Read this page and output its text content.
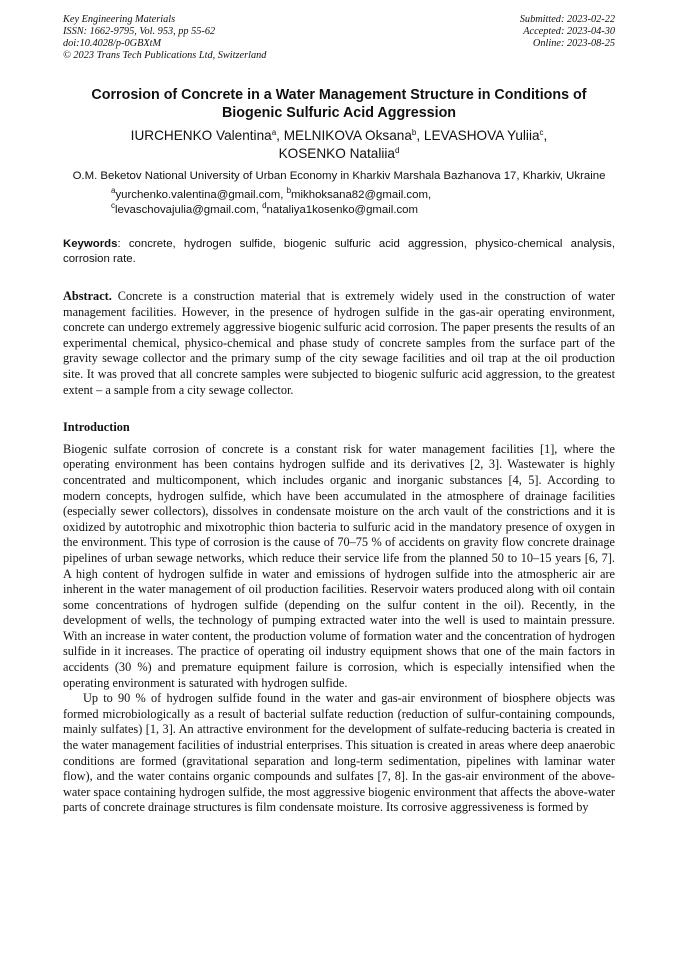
Key Engineering Materials
ISSN: 1662-9795, Vol. 953, pp 55-62
doi:10.4028/p-0GBXtM
© 2023 Trans Tech Publications Ltd, Switzerland
Submitted: 2023-02-22
Accepted: 2023-04-30
Online: 2023-08-25
Corrosion of Concrete in a Water Management Structure in Conditions of Biogenic Sulfuric Acid Aggression
IURCHENKO Valentina$^a$, MELNIKOVA Oksana$^b$, LEVASHOVA Yuliia$^c$,
KOSENKO Nataliia$^d$
O.M. Beketov National University of Urban Economy in Kharkiv Marshala Bazhanova 17, Kharkiv, Ukraine
$^a$yurchenko.valentina@gmail.com, $^b$mikhoksana82@gmail.com,
$^c$levaschovajulia@gmail.com, $^d$nataliya1kosenko@gmail.com
Keywords: concrete, hydrogen sulfide, biogenic sulfuric acid aggression, physico-chemical analysis, corrosion rate.
Abstract. Concrete is a construction material that is extremely widely used in the construction of water management facilities. However, in the presence of hydrogen sulfide in the gas-air operating environment, concrete can undergo extremely aggressive biogenic sulfuric acid corrosion. The paper presents the results of an experimental chemical, physico-chemical and phase study of concrete samples from the surface part of the gravity sewage collector and the primary sump of the city sewage facilities and oil trap at the oil production site. It was proved that all concrete samples were subjected to biogenic sulfuric acid aggression, to the greatest extent – a sample from a city sewage collector.
Introduction
Biogenic sulfate corrosion of concrete is a constant risk for water management facilities [1], where the operating environment has been contains hydrogen sulfide and its derivatives [2, 3]. Wastewater is highly concentrated and multicomponent, which includes organic and inorganic substances [4, 5]. According to modern concepts, hydrogen sulfide, which have been accumulated in the atmosphere of drainage facilities (especially sewer collectors), dissolves in condensate moisture on the arch vault of the constrictions and it is oxidized by autotrophic and mixotrophic thion bacteria to sulfuric acid in the mandatory presence of oxygen in the environment. This type of corrosion is the cause of 70–75 % of accidents on gravity flow concrete drainage pipelines of urban sewage networks, which reduce their service life from the planned 50 to 10–15 years [6, 7]. A high content of hydrogen sulfide in water and emissions of hydrogen sulfide into the atmospheric air are inherent in the water management of oil production facilities. Reservoir waters produced along with oil contain some concentrations of hydrogen sulfide (depending on the sulfur content in the oil). Recently, in the development of wells, the technology of pumping extracted water into the well is used to maintain pressure. With an increase in water content, the production volume of formation water and the concentration of hydrogen sulfide in it increases. The practice of operating oil industry equipment shows that one of the main factors in accidents (30 %) and premature equipment failure is corrosion, which is especially intensified when the operating environment is saturated with hydrogen sulfide.
Up to 90 % of hydrogen sulfide found in the water and gas-air environment of biosphere objects was formed microbiologically as a result of bacterial sulfate reduction (reduction of sulfur-containing compounds, mainly sulfates) [1, 3]. An attractive environment for the development of sulfate-reducing bacteria is created in the water management facilities of industrial enterprises. This situation is created in areas where deep anaerobic conditions are formed (gravitational separation and long-term sedimentation, pipelines with laminar water flow), and the water contains organic compounds and sulfates [7, 8]. In the gas-air environment of the above-water space containing hydrogen sulfide, the most aggressive biogenic environment that affects the above-water parts of concrete drainage structures is film condensate moisture. Its corrosive aggressiveness is formed by
